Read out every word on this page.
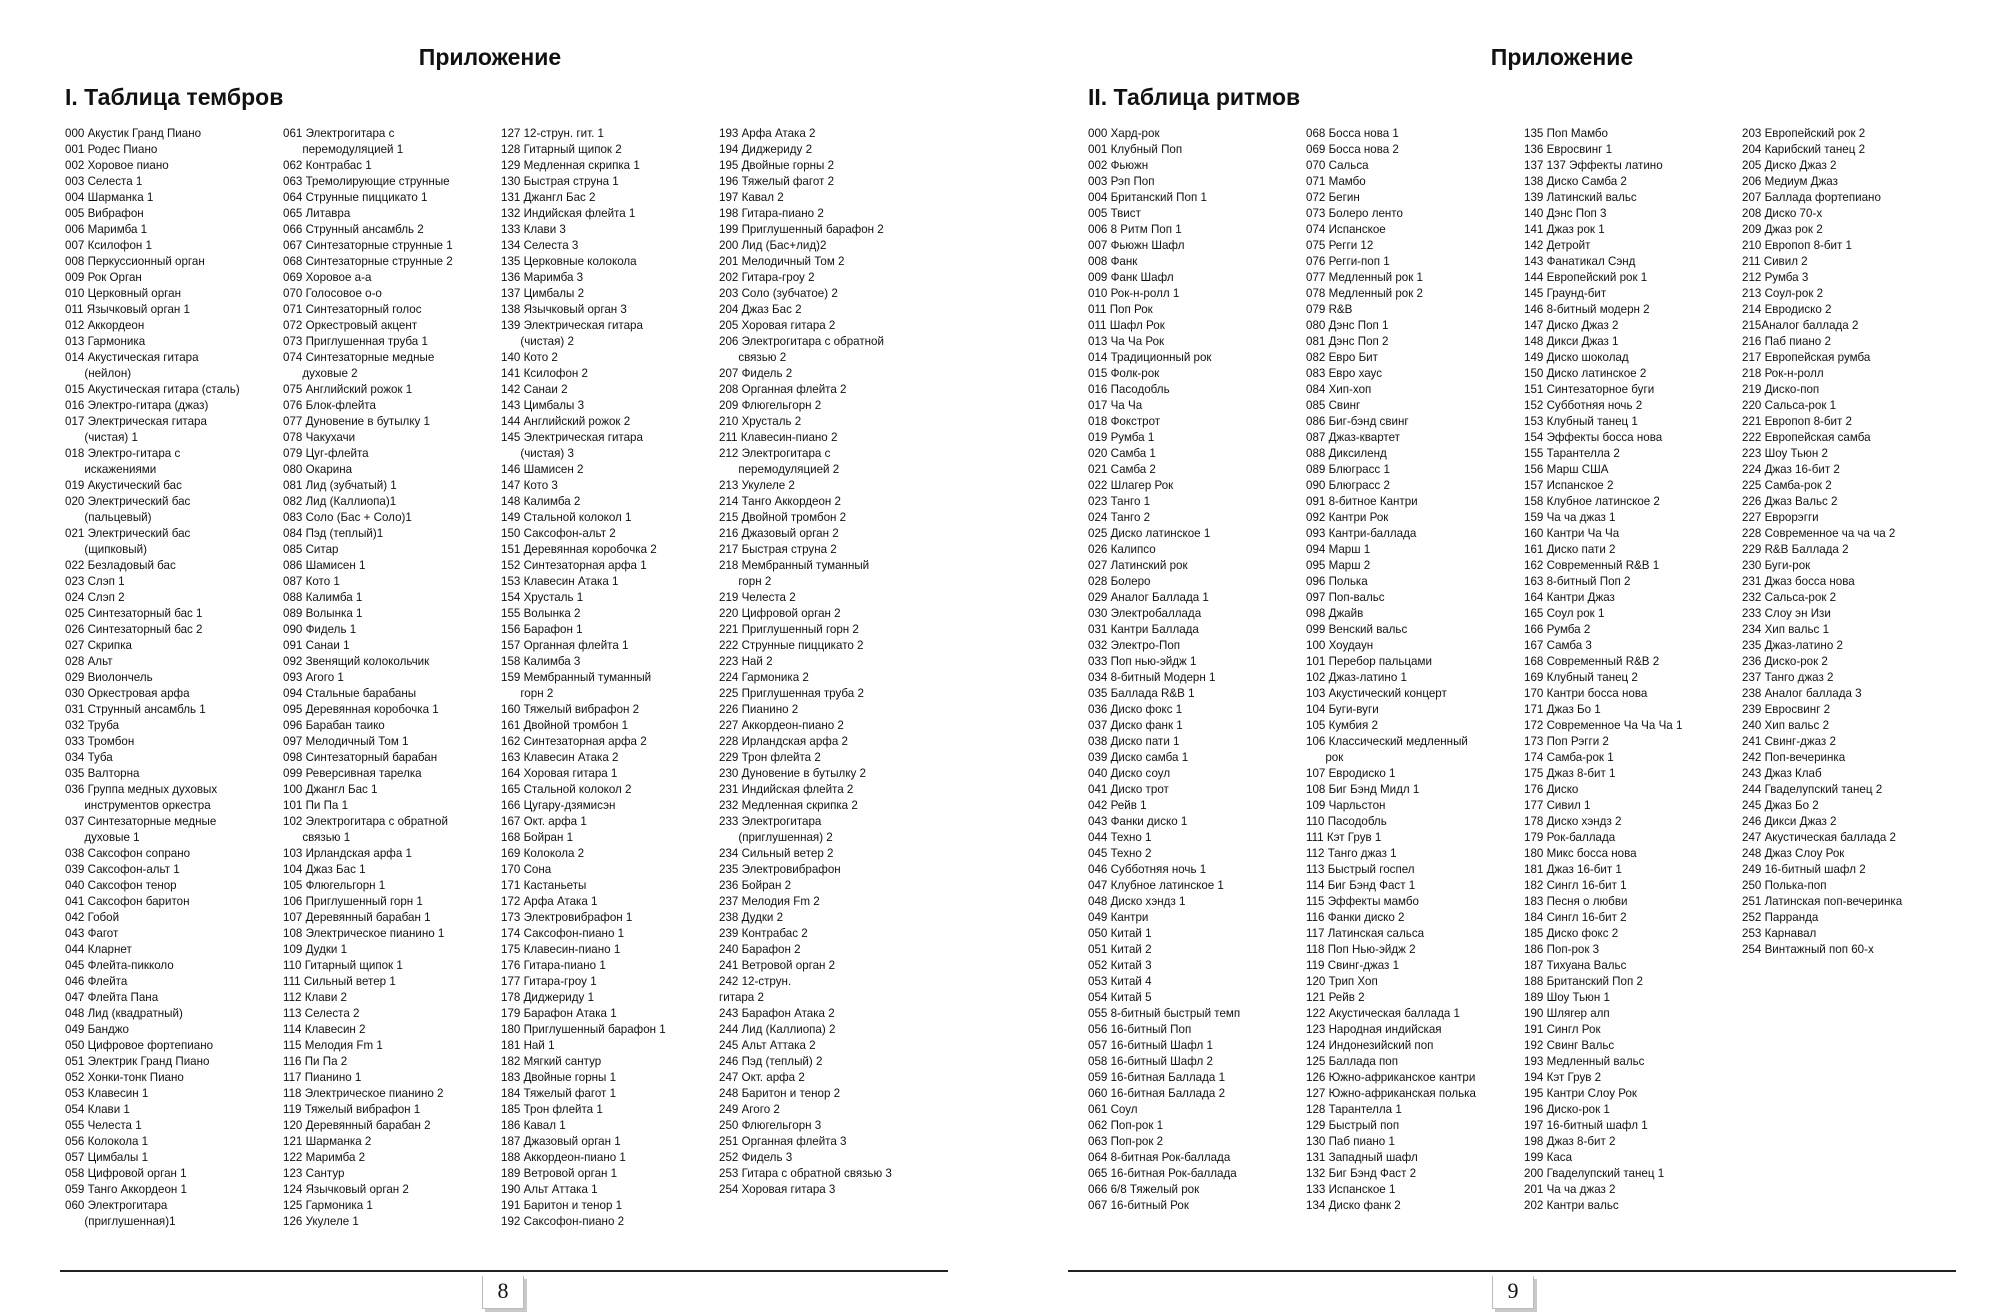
Приложение
I. Таблица тембров
000 Акустик Гранд Пиано
001 Родес Пиано
002 Хоровое пиано
003 Селеста 1
004 Шарманка 1
005 Вибрафон
006 Маримба 1
007 Ксилофон 1
008 Перкуссионный орган
009 Рок Орган
010 Церковный орган
011 Язычковый орган 1
012 Аккордеон
013 Гармоника
014 Акустическая гитара
(нейлон)
015 Акустическая гитара (сталь)
016 Электро-гитара (джаз)
017 Электрическая гитара
(чистая) 1
018 Электро-гитара с
искажениями
019 Акустический бас
020 Электрический бас
(пальцевый)
021 Электрический бас
(щипковый)
022 Безладовый бас
023 Слэп 1
024 Слэп 2
025 Синтезаторный бас 1
026 Синтезаторный бас 2
027 Скрипка
028 Альт
029 Виолончель
030 Оркестровая арфа
031 Струнный ансамбль 1
032 Труба
033 Тромбон
034 Туба
035 Валторна
036 Группа медных духовых
инструментов оркестра
037 Синтезаторные медные
духовые 1
038 Саксофон сопрано
039 Саксофон-альт 1
040 Саксофон тенор
041 Саксофон баритон
042 Гобой
043 Фагот
044 Кларнет
045 Флейта-пикколо
046 Флейта
047 Флейта Пана
048 Лид (квадратный)
049 Банджо
050 Цифровое фортепиано
051 Электрик Гранд Пиано
052 Хонки-тонк Пиано
053 Клавесин 1
054 Клави 1
055 Челеста 1
056 Колокола 1
057 Цимбалы 1
058 Цифровой орган 1
059 Танго Аккордеон 1
060 Электрогитара
(приглушенная)1
061 Электрогитара с
перемодуляцией 1
062 Контрабас 1
063 Тремолирующие струнные
064 Струнные пиццикато 1
065 Литавра
066 Струнный ансамбль 2
067 Синтезаторные струнные 1
068 Синтезаторные струнные 2
069 Хоровое а-а
070 Голосовое о-о
071 Синтезаторный голос
072 Оркестровый акцент
073 Приглушенная труба 1
074 Синтезаторные медные
духовые 2
075 Английский рожок 1
076 Блок-флейта
077 Дуновение в бутылку 1
078 Чакухачи
079 Цуг-флейта
080 Окарина
081 Лид (зубчатый) 1
082 Лид (Каллиопа)1
083 Соло (Бас + Соло)1
084 Пэд (теплый)1
085 Ситар
086 Шамисен 1
087 Кото 1
088 Калимба 1
089 Волынка 1
090 Фидель 1
091 Санаи 1
092 Звенящий колокольчик
093 Агого 1
094 Стальные барабаны
095 Деревянная коробочка 1
096 Барабан таико
097 Мелодичный Том 1
098 Синтезаторный барабан
099 Реверсивная тарелка
100 Джангл Бас 1
101 Пи Па 1
102 Электрогитара с обратной
связью 1
103 Ирландская арфа 1
104 Джаз Бас 1
105 Флюгельгорн 1
106 Приглушенный горн 1
107 Деревянный барабан 1
108 Электрическое пианино 1
109 Дудки 1
110 Гитарный щипок 1
111 Сильный ветер 1
112 Клави 2
113 Селеста 2
114 Клавесин 2
115 Мелодия Fm 1
116 Пи Па 2
117 Пианино 1
118 Электрическое пианино 2
119 Тяжелый вибрафон 1
120 Деревянный барабан 2
121 Шарманка 2
122 Маримба 2
123 Сантур
124 Язычковый орган 2
125 Гармоника 1
126 Укулеле 1
127 12-струн. гит. 1
128 Гитарный щипок 2
129 Медленная скрипка 1
130 Быстрая струна 1
131 Джангл Бас 2
132 Индийская флейта 1
133 Клави 3
134 Селеста 3
135 Церковные колокола
136 Маримба 3
137 Цимбалы 2
138 Язычковый орган 3
139 Электрическая гитара
(чистая) 2
140 Кото 2
141 Ксилофон 2
142 Санаи 2
143 Цимбалы 3
144 Английский рожок 2
145 Электрическая гитара
(чистая) 3
146 Шамисен 2
147 Кото 3
148 Калимба 2
149 Стальной колокол 1
150 Саксофон-альт 2
151 Деревянная коробочка 2
152 Синтезаторная арфа 1
153 Клавесин Атака 1
154 Хрусталь 1
155 Волынка 2
156 Барафон 1
157 Органная флейта 1
158 Калимба 3
159 Мембранный туманный
горн 2
160 Тяжелый вибрафон 2
161 Двойной тромбон 1
162 Синтезаторная арфа 2
163 Клавесин Атака 2
164 Хоровая гитара 1
165 Стальной колокол 2
166 Цугару-дзямисэн
167 Окт. арфа 1
168 Бойран 1
169 Колокола 2
170 Сона
171 Кастаньеты
172 Арфа Атака 1
173 Электровибрафон 1
174 Саксофон-пиано 1
175 Клавесин-пиано 1
176 Гитара-пиано 1
177 Гитара-грoy 1
178 Диджериду 1
179 Барафон Атака 1
180 Приглушенный барафон 1
181 Най 1
182 Мягкий сантур
183 Двойные горны 1
184 Тяжелый фагот 1
185 Трон флейта 1
186 Кавал 1
187 Джазовый орган 1
188 Аккордеон-пиано 1
189 Ветровой орган 1
190 Альт Аттака 1
191 Баритон и тенор 1
192 Саксофон-пиано 2
193 Арфа Атака 2
194 Диджериду 2
195 Двойные горны 2
196 Тяжелый фагот 2
197 Кавал 2
198 Гитара-пиано 2
199 Приглушенный барафон 2
200 Лид (Бас+лид)2
201 Мелодичный Том 2
202 Гитара-гроу 2
203 Соло (зубчатое) 2
204 Джаз Бас 2
205 Хоровая гитара 2
206 Электрогитара с обратной
связью 2
207 Фидель 2
208 Органная флейта 2
209 Флюгельгорн 2
210 Хрусталь 2
211 Клавесин-пиано 2
212 Электрогитара с
перемодуляцией 2
213 Укулеле 2
214 Танго Аккордеон 2
215 Двойной тромбон 2
216 Джазовый орган 2
217 Быстрая струна 2
218 Мембранный туманный
горн 2
219 Челеста 2
220 Цифровой орган 2
221 Приглушенный горн 2
222 Струнные пиццикато 2
223 Най 2
224 Гармоника 2
225 Приглушенная труба 2
226 Пианино 2
227 Аккордеон-пиано 2
228 Ирландская арфа 2
229 Трон флейта 2
230 Дуновение в бутылку 2
231 Индийская флейта 2
232 Медленная скрипка 2
233 Электрогитара
(приглушенная) 2
234 Сильный ветер 2
235 Электровибрафон
236 Бойран 2
237 Мелодия Fm 2
238 Дудки 2
239 Контрабас 2
240 Барафон 2
241 Ветровой орган 2
242 12-струн.
гитара 2
243 Барафон Атака 2
244 Лид (Каллиопа) 2
245 Альт Аттака 2
246 Пэд (теплый) 2
247 Окт. арфа 2
248 Баритон и тенор 2
249 Агого 2
250 Флюгельгорн 3
251 Органная флейта 3
252 Фидель 3
253 Гитара с обратной связью 3
254 Хоровая гитара 3
8
Приложение
II. Таблица ритмов
000 Хард-рок
001 Клубный Поп
002 Фьюжн
003 Рэп Поп
004 Британский Поп 1
005 Твист
006 8 Ритм Поп 1
007 Фьюжн Шафл
008 Фанк
009 Фанк Шафл
010 Рок-н-ролл 1
011 Поп Рок
011 Шафл Рок
013 Ча Ча Рок
014 Традиционный рок
015 Фолк-рок
016 Пасодобль
017 Ча Ча
018 Фокстрот
019 Румба 1
020 Самба 1
021 Самба 2
022 Шлагер Рок
023 Танго 1
024 Танго 2
025 Диско латинское 1
026 Калипсо
027 Латинский рок
028 Болеро
029 Аналог Баллада 1
030 Электробаллада
031 Кантри Баллада
032 Электро-Поп
033 Поп нью-эйдж 1
034 8-битный Модерн 1
035 Баллада R&B 1
036 Диско фокс 1
037 Диско фанк 1
038 Диско пати 1
039 Диско самба 1
040 Диско соул
041 Диско трот
042 Рейв 1
043 Фанки диско 1
044 Техно 1
045 Техно 2
046 Субботняя ночь 1
047 Клубное латинское 1
048 Диско хэндз 1
049 Кантри
050 Китай 1
051 Китай 2
052 Китай 3
053 Китай 4
054 Китай 5
055 8-битный быстрый темп
056 16-битный Поп
057 16-битный Шафл 1
058 16-битный Шафл 2
059 16-битная Баллада 1
060 16-битная Баллада 2
061 Соул
062 Поп-рок 1
063 Поп-рок 2
064 8-битная Рок-баллада
065 16-битная Рок-баллада
066 6/8 Тяжелый рок
067 16-битный Рок
068 Босса нова 1
069 Босса нова 2
070 Сальса
071 Мамбо
072 Бегин
073 Болеро ленто
074 Испанское
075 Регги 12
076 Регги-поп 1
077 Медленный рок 1
078 Медленный рок 2
079 R&B
080 Дэнс Поп 1
081 Дэнс Поп 2
082 Евро Бит
083 Евро хаус
084 Хип-хоп
085 Свинг
086 Биг-бэнд свинг
087 Джаз-квартет
088 Диксиленд
089 Блюграсс 1
090 Блюграсс 2
091 8-битное Кантри
092 Кантри Рок
093 Кантри-баллада
094 Марш 1
095 Марш 2
096 Полька
097 Поп-вальс
098 Джайв
099 Венский вальс
100 Хоудаун
101 Перебор пальцами
102 Джаз-латино 1
103 Акустический концерт
104 Буги-вуги
105 Кумбия 2
106 Классический медленный
рок
107 Евродиско 1
108 Биг Бэнд Мидл 1
109 Чарльстон
110 Пасодобль
111 Кэт Грув 1
112 Танго джаз 1
113 Быстрый госпел
114 Биг Бэнд Фаст 1
115 Эффекты мамбо
116 Фанки диско 2
117 Латинская сальса
118 Поп Нью-эйдж 2
119 Свинг-джаз 1
120 Трип Хоп
121 Рейв 2
122 Акустическая баллада 1
123 Народная индийская
124 Индонезийский поп
125 Баллада поп
126 Южно-африканское кантри
127 Южно-африканская полька
128 Тарантелла 1
129 Быстрый поп
130 Паб пиано 1
131 Западный шафл
132 Биг Бэнд Фаст 2
133 Испанское 1
134 Диско фанк 2
135 Поп Мамбо
136 Евросвинг 1
137 137 Эффекты латино
138 Диско Самба 2
139 Латинский вальс
140 Дэнс Поп 3
141 Джаз рок 1
142 Детройт
143 Фанатикал Сэнд
144 Европейский рок 1
145 Граунд-бит
146 8-битный модерн 2
147 Диско Джаз 2
148 Дикси Джаз 1
149 Диско шоколад
150 Диско латинское 2
151 Синтезаторное буги
152 Субботняя ночь 2
153 Клубный танец 1
154 Эффекты босса нова
155 Тарантелла 2
156 Марш США
157 Испанское 2
158 Клубное латинское 2
159 Ча ча джаз 1
160 Кантри Ча Ча
161 Диско пати 2
162 Современный R&B 1
163 8-битный Поп 2
164 Кантри Джаз
165 Соул рок 1
166 Румба 2
167 Самба 3
168 Современный R&B 2
169 Клубный танец 2
170 Кантри босса нова
171 Джаз Бо 1
172 Современное Ча Ча Ча 1
173 Поп Рэгги 2
174 Самба-рок 1
175 Джаз 8-бит 1
176 Диско
177 Сивил 1
178 Диско хэндз 2
179 Рок-баллада
180 Микс босса нова
181 Джаз 16-бит 1
182 Сингл 16-бит 1
183 Песня о любви
184 Сингл 16-бит 2
185 Диско фокс 2
186 Поп-рок 3
187 Тихуана Вальс
188 Британский Поп 2
189 Шоу Тьюн 1
190 Шляrер алп
191 Сингл Рок
192 Свинг Вальс
193 Медленный вальс
194 Кэт Грув 2
195 Кантри Слоу Рок
196 Диско-рок 1
197 16-битный шафл 1
198 Джаз 8-бит 2
199 Каса
200 Гваделупский танец 1
201 Ча ча джаз 2
202 Кантри вальс
203 Европейский рок 2
204 Карибский танец 2
205 Диско Джаз 2
206 Медиум Джаз
207 Баллада фортепиано
208 Диско 70-х
209 Джаз рок 2
210 Европоп 8-бит 1
211 Сивил 2
212 Румба 3
213 Соул-рок 2
214 Евродиско 2
215Аналог баллада 2
216 Паб пиано 2
217 Европейская румба
218 Рок-н-ролл
219 Диско-поп
220 Сальса-рок 1
221 Европоп 8-бит 2
222 Европейская самба
223 Шоу Тьюн 2
224 Джаз 16-бит 2
225 Самба-рок 2
226 Джаз Вальс 2
227 Еврорэгги
228 Современное ча ча ча 2
229 R&B Баллада 2
230 Буги-рок
231 Джаз босса нова
232 Сальса-рок 2
233 Слоу эн Изи
234 Хип вальс 1
235 Джаз-латино 2
236 Диско-рок 2
237 Танго джаз 2
238 Аналог баллада 3
239 Евросвинг 2
240 Хип вальс 2
241 Свинг-джаз 2
242 Поп-вечеринка
243 Джаз Клаб
244 Гваделупский танец 2
245 Джаз Бо 2
246 Дикси Джаз 2
247 Акустическая баллада 2
248 Джаз Слоу Рок
249 16-битный шафл 2
250 Полька-поп
251 Латинская поп-вечеринка
252 Парранда
253 Карнавал
254 Винтажный поп 60-х
9
